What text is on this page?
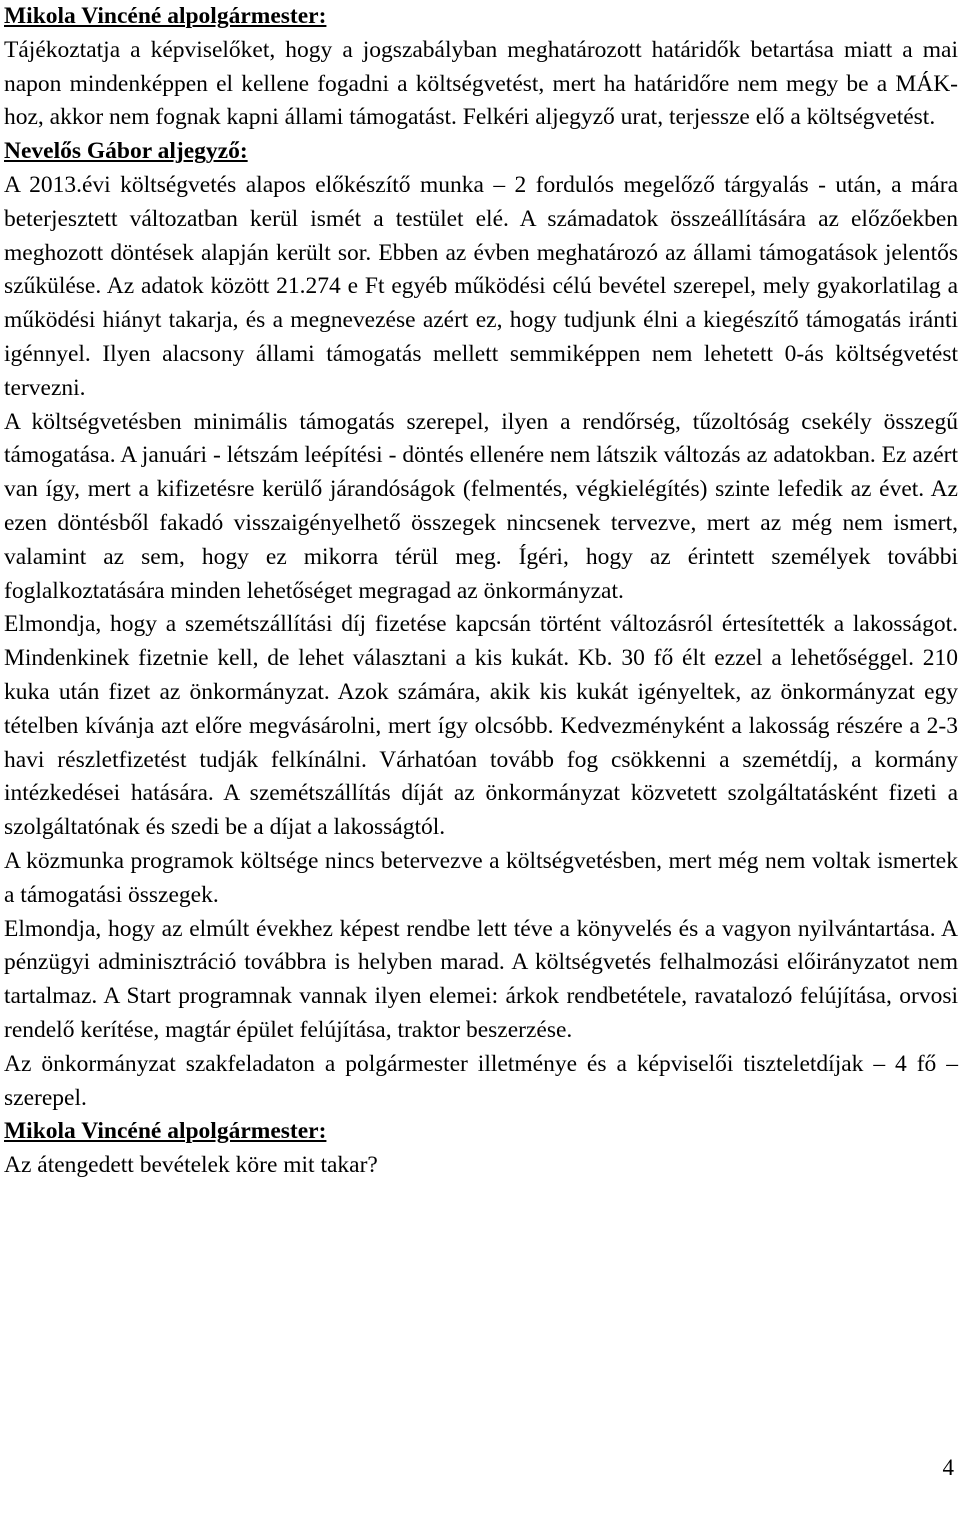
Mikola Vincéné alpolgármester:

Tájékoztatja a képviselőket, hogy a jogszabályban meghatározott határidők betartása miatt a mai napon mindenképpen el kellene fogadni a költségvetést, mert ha határidőre nem megy be a MÁK-hoz, akkor nem fognak kapni állami támogatást. Felkéri aljegyző urat, terjessze elő a költségvetést.

Nevelős Gábor aljegyző:

A 2013.évi költségvetés alapos előkészítő munka – 2 fordulós megelőző tárgyalás - után, a mára beterjesztett változatban kerül ismét a testület elé. A számadatok összeállítására az előzőekben meghozott döntések alapján került sor. Ebben az évben meghatározó az állami támogatások jelentős szűkülése. Az adatok között 21.274 e Ft egyéb működési célú bevétel szerepel, mely gyakorlatilag a működési hiányt takarja, és a megnevezése azért ez, hogy tudjunk élni a kiegészítő támogatás iránti igénnyel. Ilyen alacsony állami támogatás mellett semmiképpen nem lehetett 0-ás költségvetést tervezni.

A költségvetésben minimális támogatás szerepel, ilyen a rendőrség, tűzoltóság csekély összegű támogatása. A januári - létszám leépítési - döntés ellenére nem látszik változás az adatokban. Ez azért van így, mert a kifizetésre kerülő járandóságok (felmentés, végkielégítés) szinte lefedik az évet. Az ezen döntésből fakadó visszaigényelhető összegek nincsenek tervezve, mert az még nem ismert, valamint az sem, hogy ez mikorra térül meg. Ígéri, hogy az érintett személyek további foglalkoztatására minden lehetőséget megragad az önkormányzat.

Elmondja, hogy a szemétszállítási díj fizetése kapcsán történt változásról értesítették a lakosságot. Mindenkinek fizetnie kell, de lehet választani a kis kukát. Kb. 30 fő élt ezzel a lehetőséggel. 210 kuka után fizet az önkormányzat. Azok számára, akik kis kukát igényeltek, az önkormányzat egy tételben kívánja azt előre megvásárolni, mert így olcsóbb. Kedvezményként a lakosság részére a 2-3 havi részletfizetést tudják felkínálni. Várhatóan tovább fog csökkenni a szemétdíj, a kormány intézkedései hatására. A szemétszállítás díját az önkormányzat közvetett szolgáltatásként fizeti a szolgáltatónak és szedi be a díjat a lakosságtól.

A közmunka programok költsége nincs betervezve a költségvetésben, mert még nem voltak ismertek a támogatási összegek.

Elmondja, hogy az elmúlt évekhez képest rendbe lett téve a könyvelés és a vagyon nyilvántartása. A pénzügyi adminisztráció továbbra is helyben marad. A költségvetés felhalmozási előirányzatot nem tartalmaz. A Start programnak vannak ilyen elemei: árkok rendbetétele, ravatalozó felújítása, orvosi rendelő kerítése, magtár épület felújítása, traktor beszerzése.

Az önkormányzat szakfeladaton a polgármester illetménye és a képviselői tiszteletdíjak – 4 fő – szerepel.

Mikola Vincéné alpolgármester:

Az átengedett bevételek köre mit takar?

4
